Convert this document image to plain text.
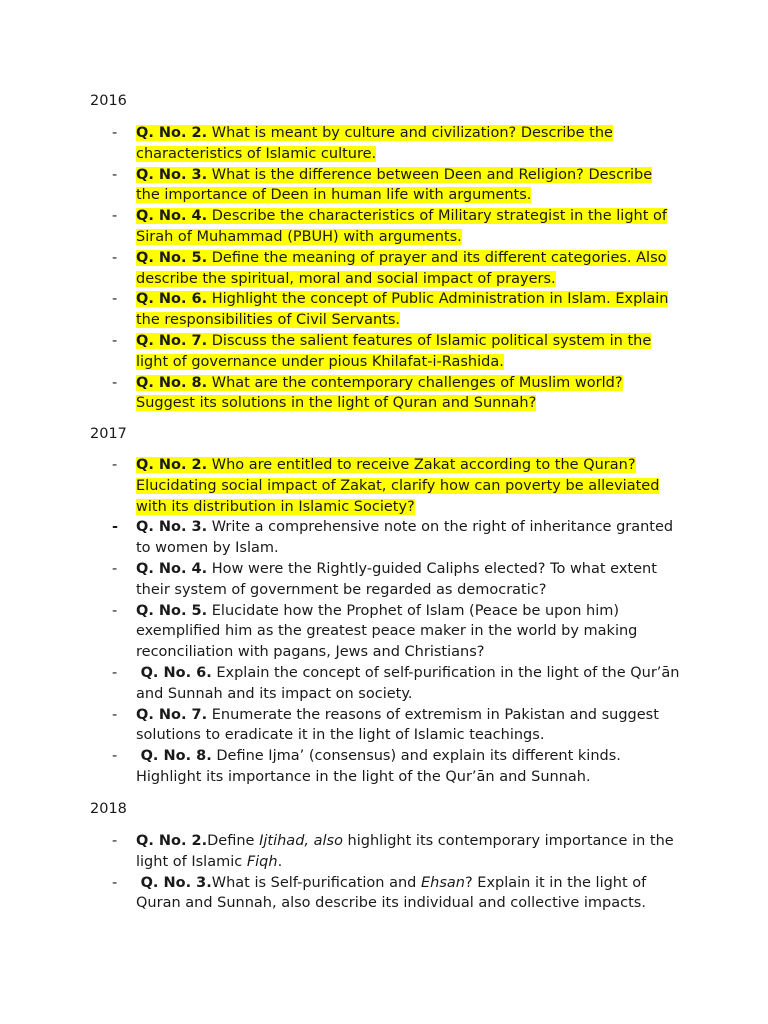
2016
- Q. No. 2. What is meant by culture and civilization? Describe the characteristics of Islamic culture.
- Q. No. 3. What is the difference between Deen and Religion? Describe the importance of Deen in human life with arguments.
- Q. No. 4. Describe the characteristics of Military strategist in the light of Sirah of Muhammad (PBUH) with arguments.
- Q. No. 5. Define the meaning of prayer and its different categories. Also describe the spiritual, moral and social impact of prayers.
- Q. No. 6. Highlight the concept of Public Administration in Islam. Explain the responsibilities of Civil Servants.
- Q. No. 7. Discuss the salient features of Islamic political system in the light of governance under pious Khilafat-i-Rashida.
- Q. No. 8. What are the contemporary challenges of Muslim world? Suggest its solutions in the light of Quran and Sunnah?
2017
- Q. No. 2. Who are entitled to receive Zakat according to the Quran? Elucidating social impact of Zakat, clarify how can poverty be alleviated with its distribution in Islamic Society?
- Q. No. 3. Write a comprehensive note on the right of inheritance granted to women by Islam.
- Q. No. 4. How were the Rightly-guided Caliphs elected? To what extent their system of government be regarded as democratic?
- Q. No. 5. Elucidate how the Prophet of Islam (Peace be upon him) exemplified him as the greatest peace maker in the world by making reconciliation with pagans, Jews and Christians?
- Q. No. 6. Explain the concept of self-purification in the light of the Qur’ān and Sunnah and its impact on society.
- Q. No. 7. Enumerate the reasons of extremism in Pakistan and suggest solutions to eradicate it in the light of Islamic teachings.
- Q. No. 8. Define Ijma’ (consensus) and explain its different kinds. Highlight its importance in the light of the Qur’ān and Sunnah.
2018
- Q. No. 2.Define Ijtihad, also highlight its contemporary importance in the light of Islamic Fiqh.
- Q. No. 3.What is Self-purification and Ehsan? Explain it in the light of Quran and Sunnah, also describe its individual and collective impacts.
